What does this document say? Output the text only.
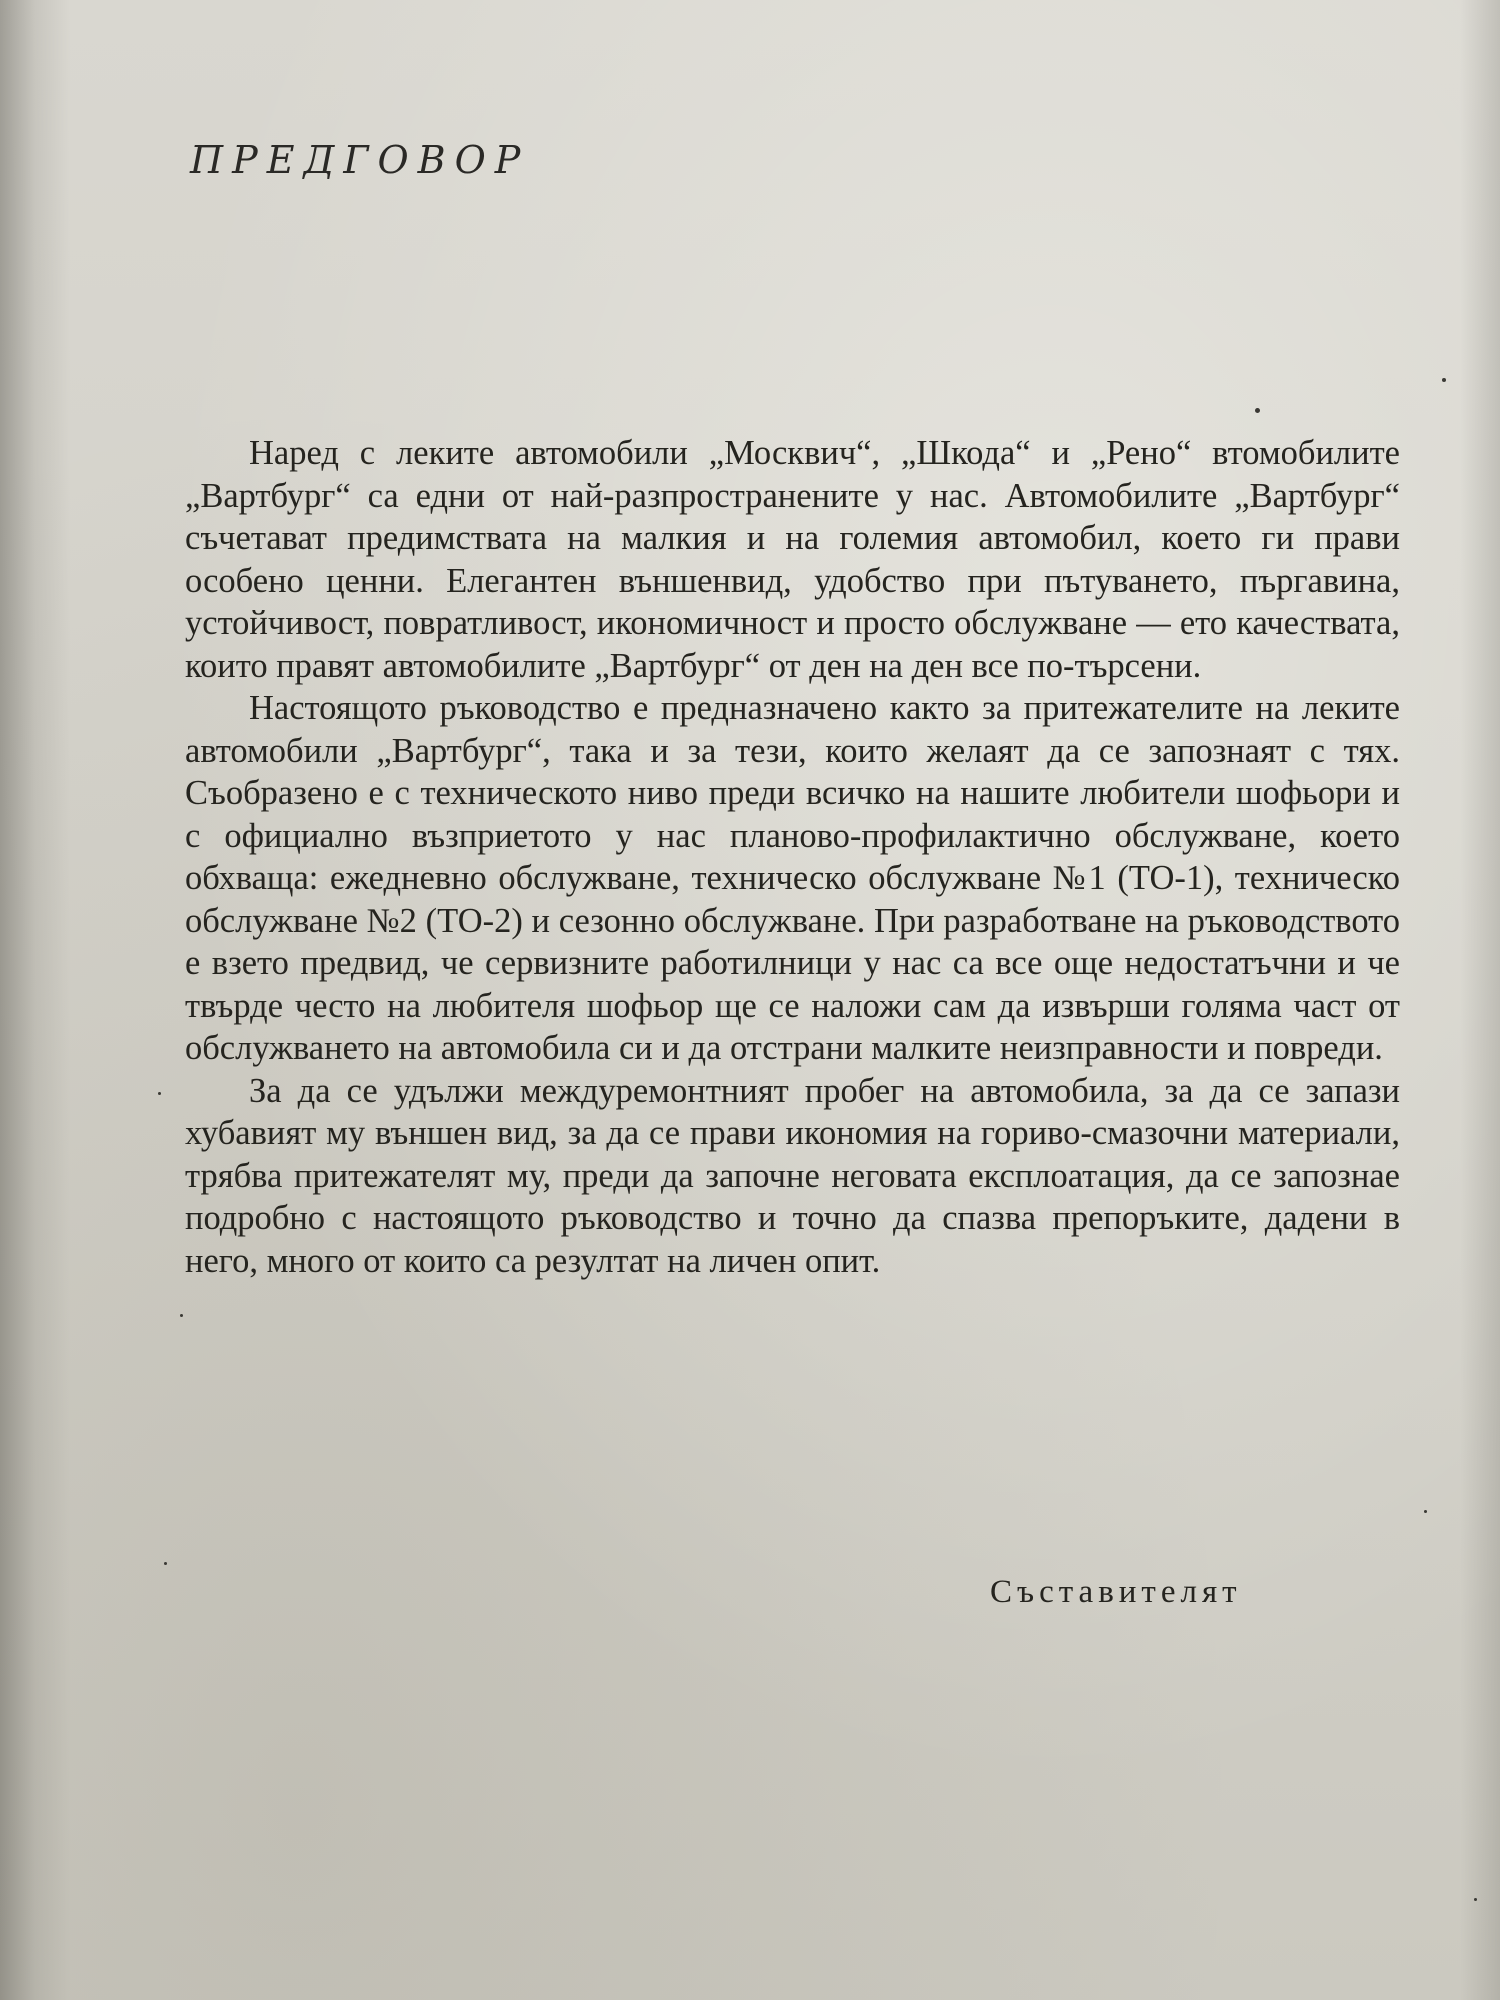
ПРЕДГОВОР

Наред с леките автомобили „Москвич“, „Шкода“ и „Рено“ втомобилите „Вартбург“ са едни от най-разпространените у нас. Автомобилите „Вартбург“ съчетават предимствата на малкия и на големия автомобил, което ги прави особено ценни. Елегантен външенвид, удобство при пътуването, пъргавина, устойчивост, повратливост, икономичност и просто обслужване — ето качествата, които правят автомобилите „Вартбург“ от ден на ден все по-търсени.

Настоящото ръководство е предназначено както за притежателите на леките автомобили „Вартбург“, така и за тези, които желаят да се запознаят с тях. Съобразено е с техническото ниво преди всичко на нашите любители шофьори и с официално възприетото у нас планово-профилактично обслужване, което обхваща: ежедневно обслужване, техническо обслужване №1 (ТО-1), техническо обслужване №2 (ТО-2) и сезонно обслужване. При разработване на ръководството е взето предвид, че сервизните работилници у нас са все още недостатъчни и че твърде често на любителя шофьор ще се наложи сам да извърши голяма част от обслужването на автомобила си и да отстрани малките неизправности и повреди.

За да се удължи междуремонтният пробег на автомобила, за да се запази хубавият му външен вид, за да се прави икономия на гориво-смазочни материали, трябва притежателят му, преди да започне неговата експлоатация, да се запознае подробно с настоящото ръководство и точно да спазва препоръките, дадени в него, много от които са резултат на личен опит.

Съставителят
